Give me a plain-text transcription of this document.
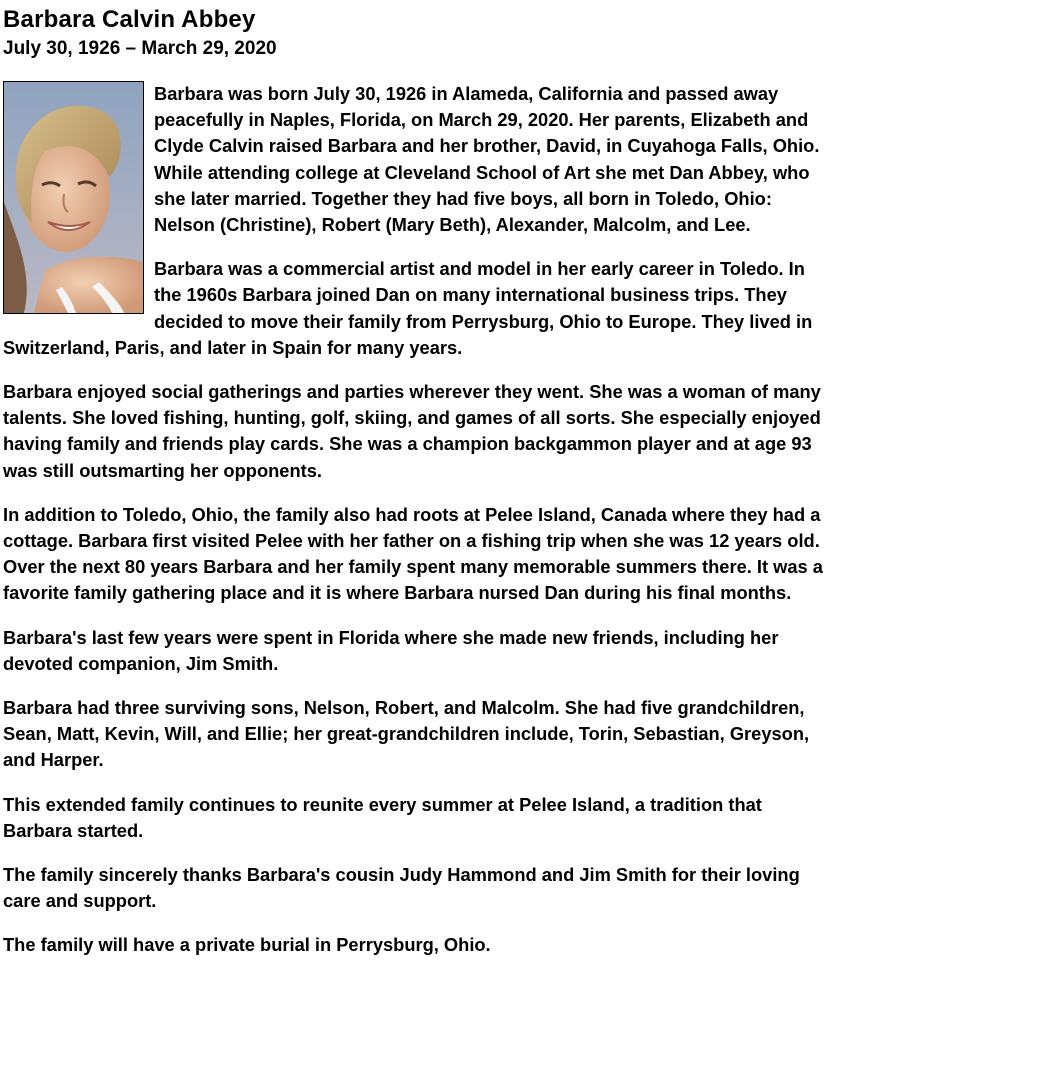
Barbara Calvin Abbey
July 30, 1926 – March 29, 2020

Barbara was born July 30, 1926 in Alameda, California and passed away peacefully in Naples, Florida, on March 29, 2020. Her parents, Elizabeth and Clyde Calvin raised Barbara and her brother, David, in Cuyahoga Falls, Ohio. While attending college at Cleveland School of Art she met Dan Abbey, who she later married. Together they had five boys, all born in Toledo, Ohio: Nelson (Christine), Robert (Mary Beth), Alexander, Malcolm, and Lee.

Barbara was a commercial artist and model in her early career in Toledo. In the 1960s Barbara joined Dan on many international business trips. They decided to move their family from Perrysburg, Ohio to Europe. They lived in Switzerland, Paris, and later in Spain for many years.

Barbara enjoyed social gatherings and parties wherever they went. She was a woman of many talents. She loved fishing, hunting, golf, skiing, and games of all sorts. She especially enjoyed having family and friends play cards. She was a champion backgammon player and at age 93 was still outsmarting her opponents.

In addition to Toledo, Ohio, the family also had roots at Pelee Island, Canada where they had a cottage. Barbara first visited Pelee with her father on a fishing trip when she was 12 years old. Over the next 80 years Barbara and her family spent many memorable summers there. It was a favorite family gathering place and it is where Barbara nursed Dan during his final months.

Barbara's last few years were spent in Florida where she made new friends, including her devoted companion, Jim Smith.

Barbara had three surviving sons, Nelson, Robert, and Malcolm. She had five grandchildren, Sean, Matt, Kevin, Will, and Ellie; her great-grandchildren include, Torin, Sebastian, Greyson, and Harper.

This extended family continues to reunite every summer at Pelee Island, a tradition that Barbara started.

The family sincerely thanks Barbara's cousin Judy Hammond and Jim Smith for their loving care and support.

The family will have a private burial in Perrysburg, Ohio.
